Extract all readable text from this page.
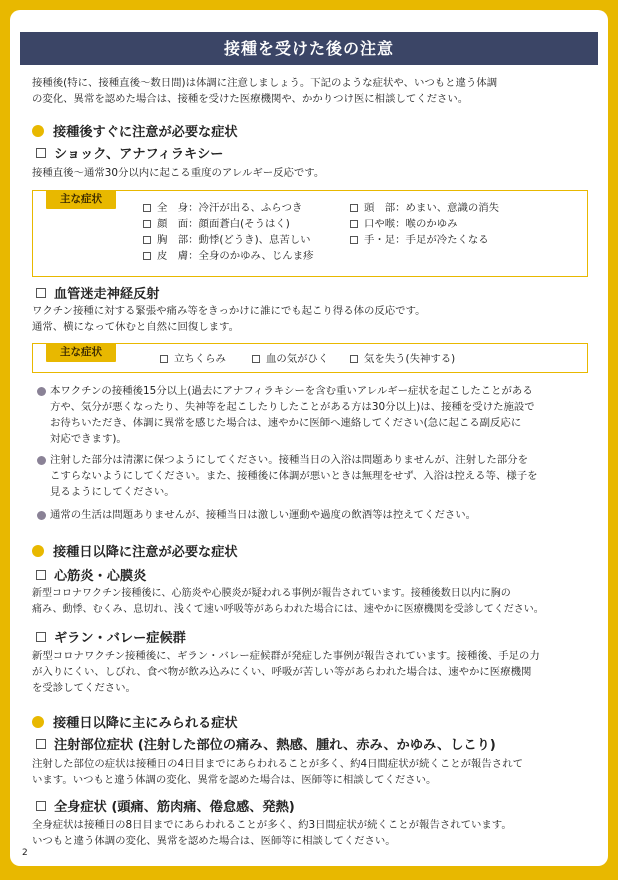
接種を受けた後の注意
接種後(特に、接種直後〜数日間)は体調に注意しましょう。下記のような症状や、いつもと違う体調
の変化、異常を認めた場合は、接種を受けた医療機関や、かかりつけ医に相談してください。
接種後すぐに注意が必要な症状
ショック、アナフィラキシー
接種直後〜通常30分以内に起こる重度のアレルギー反応です。
主な症状
全　身：冷汗が出る、ふらつき
顔　面：顔面蒼白(そうはく)
胸　部：動悸(どうき)、息苦しい
皮　膚：全身のかゆみ、じんま疹
頭　部：めまい、意識の消失
口や喉：喉のかゆみ
手・足：手足が冷たくなる
血管迷走神経反射
ワクチン接種に対する緊張や痛み等をきっかけに誰にでも起こり得る体の反応です。
通常、横になって休むと自然に回復します。
主な症状
立ちくらみ	血の気がひく	気を失う(失神する)
本ワクチンの接種後15分以上(過去にアナフィラキシーを含む重いアレルギー症状を起こしたことがある
方や、気分が悪くなったり、失神等を起こしたりしたことがある方は30分以上)は、接種を受けた施設で
お待ちいただき、体調に異常を感じた場合は、速やかに医師へ連絡してください(急に起こる副反応に
対応できます)。
注射した部分は清潔に保つようにしてください。接種当日の入浴は問題ありませんが、注射した部分を
こすらないようにしてください。また、接種後に体調が悪いときは無理をせず、入浴は控える等、様子を
見るようにしてください。
通常の生活は問題ありませんが、接種当日は激しい運動や過度の飲酒等は控えてください。
接種日以降に注意が必要な症状
心筋炎・心膜炎
新型コロナワクチン接種後に、心筋炎や心膜炎が疑われる事例が報告されています。接種後数日以内に胸の
痛み、動悸、むくみ、息切れ、浅くて速い呼吸等があらわれた場合には、速やかに医療機関を受診してください。
ギラン・バレー症候群
新型コロナワクチン接種後に、ギラン・バレー症候群が発症した事例が報告されています。接種後、手足の力
が入りにくい、しびれ、食べ物が飲み込みにくい、呼吸が苦しい等があらわれた場合は、速やかに医療機関
を受診してください。
接種日以降に主にみられる症状
注射部位症状 (注射した部位の痛み、熱感、腫れ、赤み、かゆみ、しこり)
注射した部位の症状は接種日の4日目までにあらわれることが多く、約4日間症状が続くことが報告されて
います。いつもと違う体調の変化、異常を認めた場合は、医師等に相談してください。
全身症状 (頭痛、筋肉痛、倦怠感、発熱)
全身症状は接種日の8日目までにあらわれることが多く、約3日間症状が続くことが報告されています。
いつもと違う体調の変化、異常を認めた場合は、医師等に相談してください。
2
